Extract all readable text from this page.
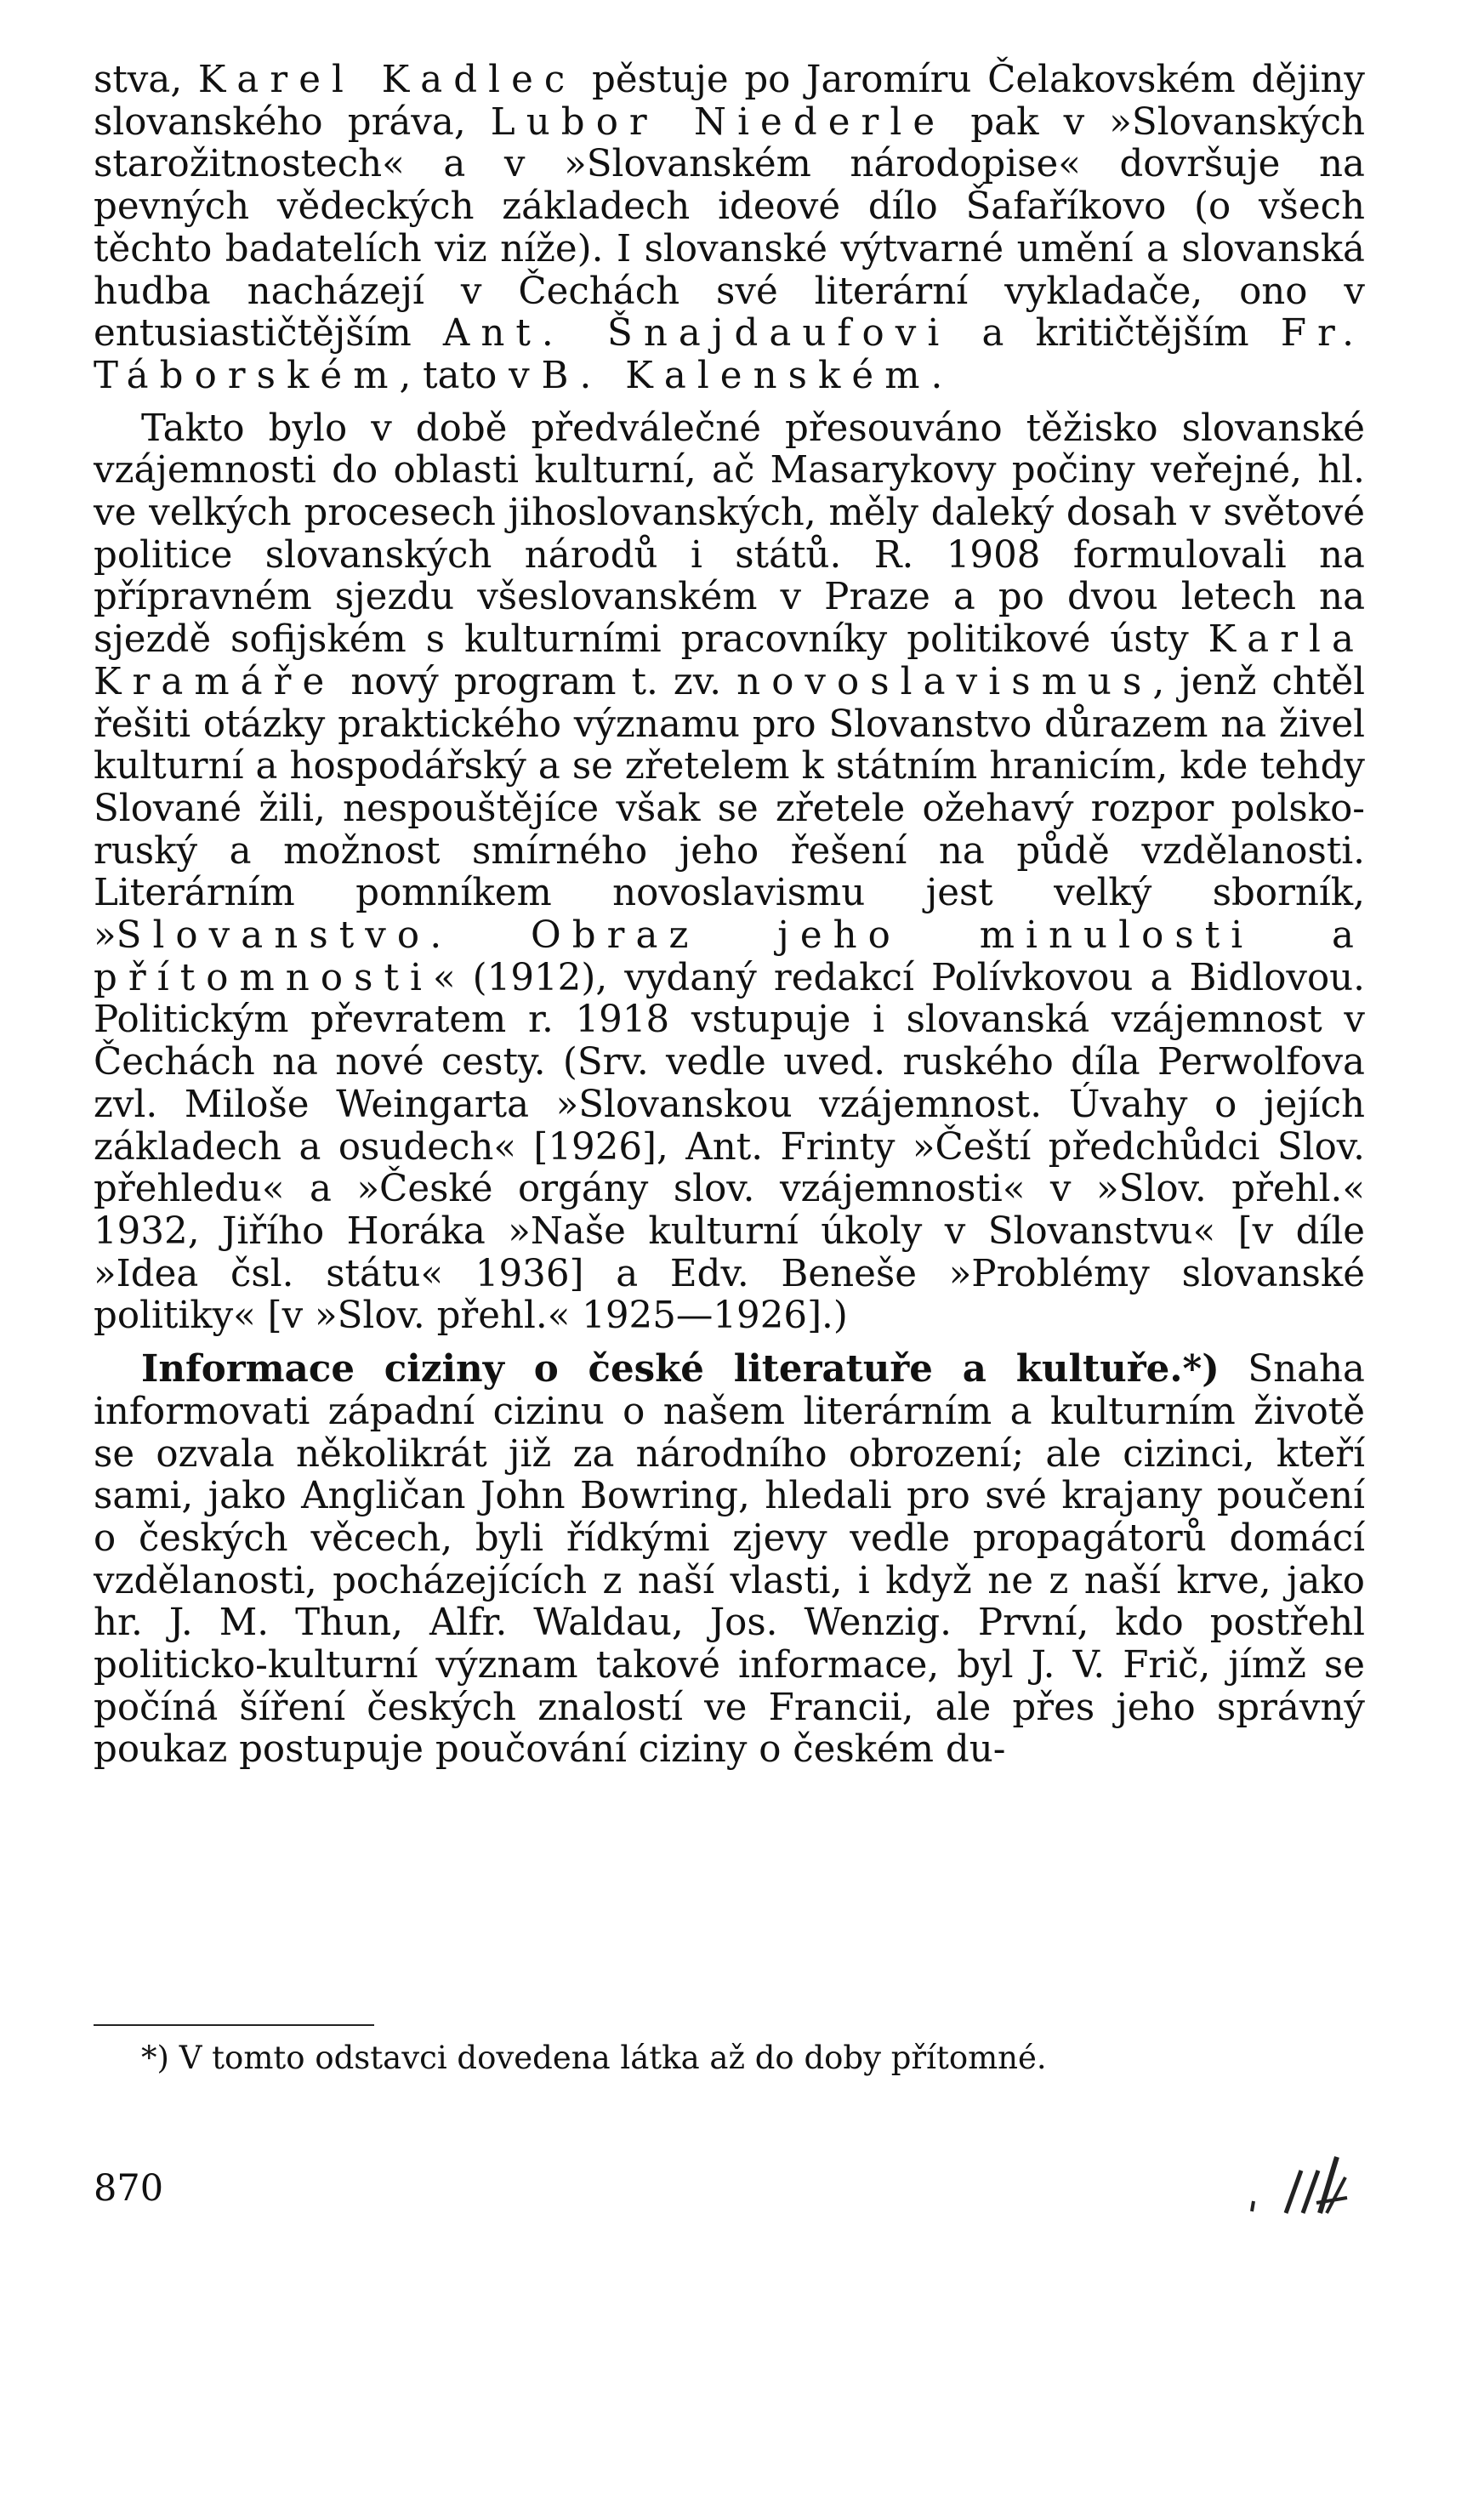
stva, Karel Kadlec pěstuje po Jaromíru Čelakovském dějiny slovanského práva, Lubor Niederle pak v »Slovanských starožitnostech« a v »Slovanském národopise« dovršuje na pevných vědeckých základech ideové dílo Šafaříkovo (o všech těchto badatelích viz níže). I slovanské výtvarné umění a slovanská hudba nacházejí v Čechách své literární vykladače, ono v entusiastičtějším Ant. Šnajdaufovi a kritičtějším Fr. Táborském, tato v B. Kalenském.

Takto bylo v době předválečné přesouváno těžisko slovanské vzájemnosti do oblasti kulturní, ač Masarykovy počiny veřejné, hl. ve velkých procesech jihoslovanských, měly daleký dosah v světové politice slovanských národů i států. R. 1908 formulovali na přípravném sjezdu všeslovanském v Praze a po dvou letech na sjezdě sofijském s kulturními pracovníky politikové ústy Karla Kramáře nový program t. zv. novoslavismus, jenž chtěl řešiti otázky praktického významu pro Slovanstvo důrazem na živel kulturní a hospodářský a se zřetelem k státním hranicím, kde tehdy Slované žili, nespouštějíce však se zřetele ožehavý rozpor polsko-ruský a možnost smírného jeho řešení na půdě vzdělanosti. Literárním pomníkem novoslavismu jest velký sborník, »Slovanstvo. Obraz jeho minulosti a přítomnosti« (1912), vydaný redakcí Polívkovou a Bidlovou. Politickým převratem r. 1918 vstupuje i slovanská vzájemnost v Čechách na nové cesty. (Srv. vedle uved. ruského díla Perwolfova zvl. Miloše Weingarta »Slovanskou vzájemnost. Úvahy o jejích základech a osudech« [1926], Ant. Frinty »Čeští předchůdci Slov. přehledu« a »České orgány slov. vzájemnosti« v »Slov. přehl.« 1932, Jiřího Horáka »Naše kulturní úkoly v Slovanstvu« [v díle »Idea čsl. státu« 1936] a Edv. Beneše »Problémy slovanské politiky« [v »Slov. přehl.« 1925—1926].)

Informace ciziny o české literatuře a kultuře.*) Snaha informovati západní cizinu o našem literárním a kulturním životě se ozvala několikrát již za národního obrození; ale cizinci, kteří sami, jako Angličan John Bowring, hledali pro své krajany poučení o českých věcech, byli řídkými zjevy vedle propagátorů domácí vzdělanosti, pocházejících z naší vlasti, i když ne z naší krve, jako hr. J. M. Thun, Alfr. Waldau, Jos. Wenzig. První, kdo postřehl politicko-kulturní význam takové informace, byl J. V. Frič, jímž se počíná šíření českých znalostí ve Francii, ale přes jeho správný poukaz postupuje poučování ciziny o českém du-

*) V tomto odstavci dovedena látka až do doby přítomné.

870
